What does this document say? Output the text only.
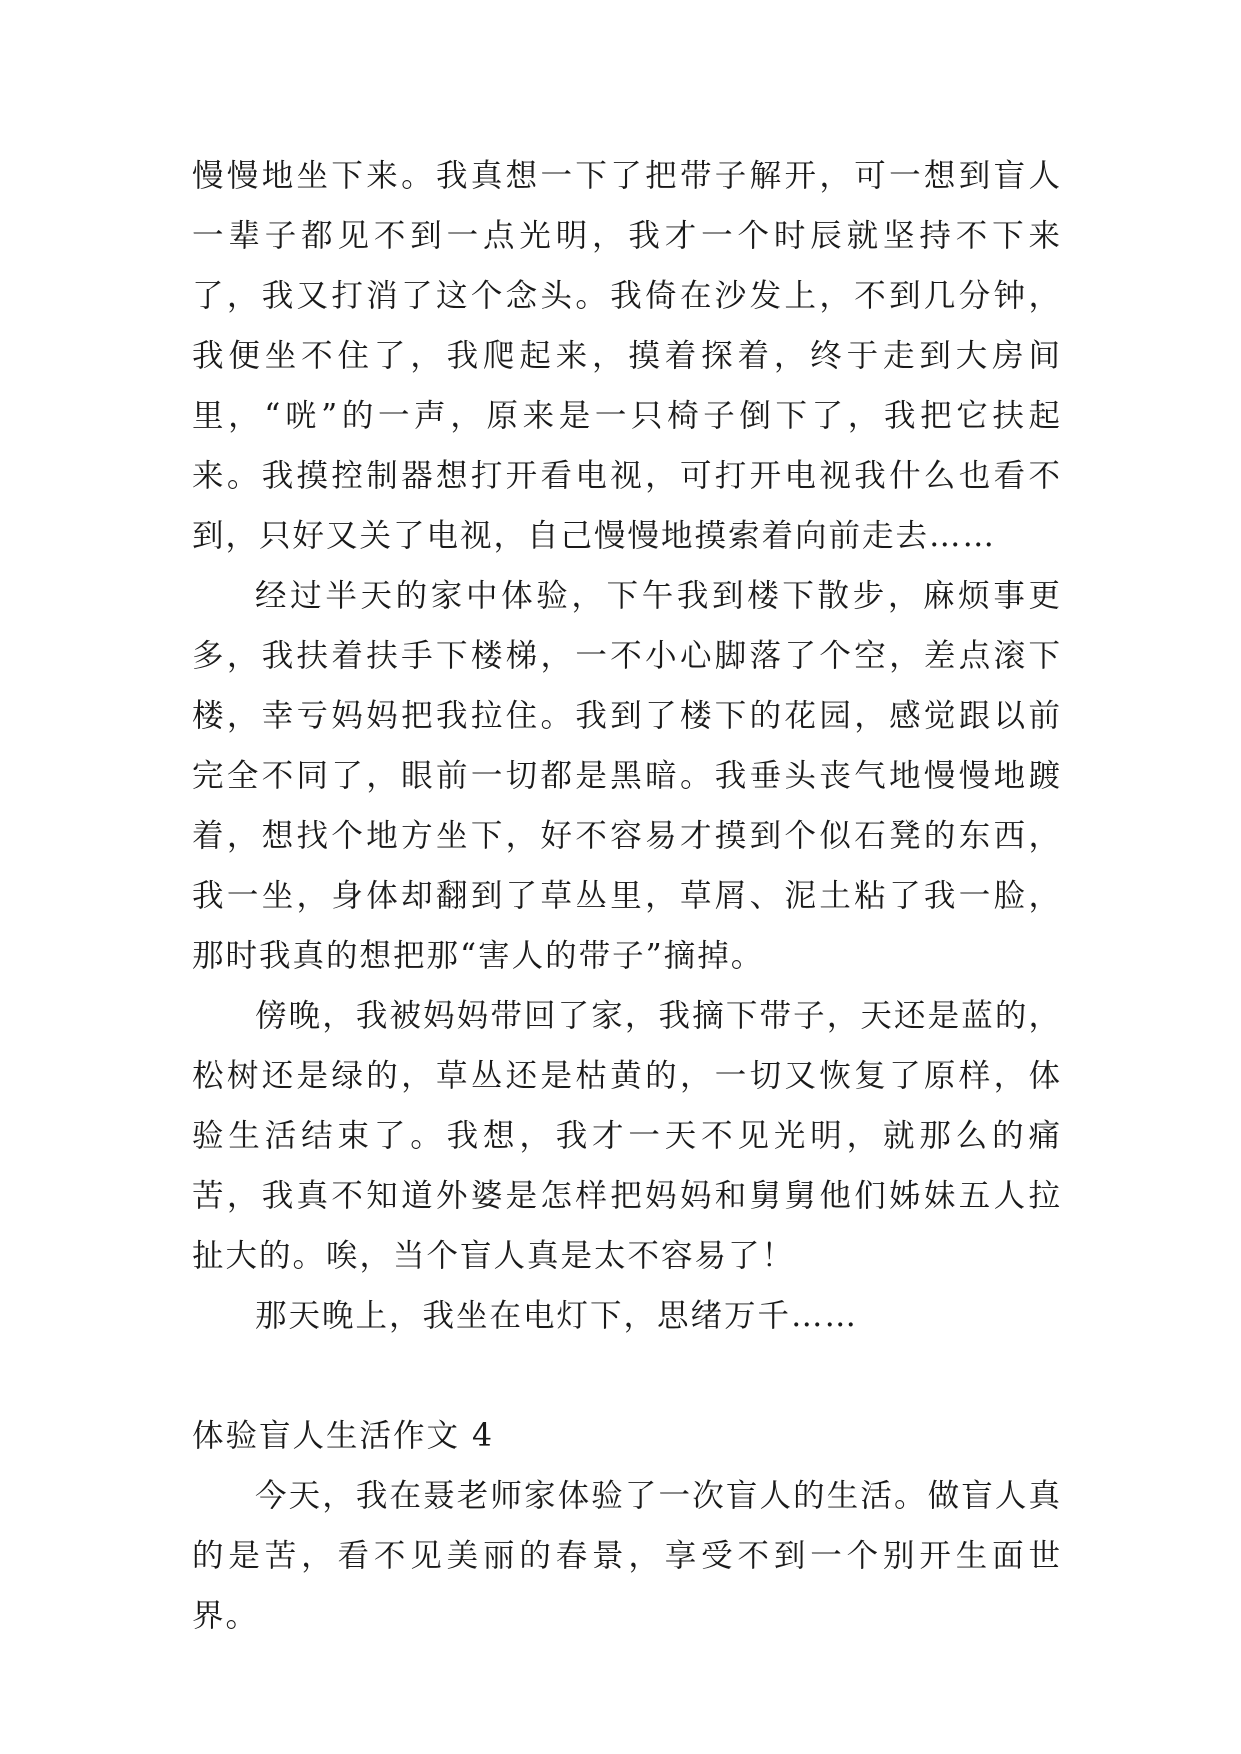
慢慢地坐下来。我真想一下了把带子解开，可一想到盲人一辈子都见不到一点光明，我才一个时辰就坚持不下来了，我又打消了这个念头。我倚在沙发上，不到几分钟，我便坐不住了，我爬起来，摸着探着，终于走到大房间里，“咣”的一声，原来是一只椅子倒下了，我把它扶起来。我摸控制器想打开看电视，可打开电视我什么也看不到，只好又关了电视，自己慢慢地摸索着向前走去……

经过半天的家中体验，下午我到楼下散步，麻烦事更多，我扶着扶手下楼梯，一不小心脚落了个空，差点滚下楼，幸亏妈妈把我拉住。我到了楼下的花园，感觉跟以前完全不同了，眼前一切都是黑暗。我垂头丧气地慢慢地踱着，想找个地方坐下，好不容易才摸到个似石凳的东西，我一坐，身体却翻到了草丛里，草屑、泥土粘了我一脸，那时我真的想把那“害人的带子”摘掉。

傍晚，我被妈妈带回了家，我摘下带子，天还是蓝的，松树还是绿的，草丛还是枯黄的，一切又恢复了原样，体验生活结束了。我想，我才一天不见光明，就那么的痛苦，我真不知道外婆是怎样把妈妈和舅舅他们姊妹五人拉扯大的。唉，当个盲人真是太不容易了！

那天晚上，我坐在电灯下，思绪万千……

体验盲人生活作文 4

今天，我在聂老师家体验了一次盲人的生活。做盲人真的是苦，看不见美丽的春景，享受不到一个别开生面世界。
